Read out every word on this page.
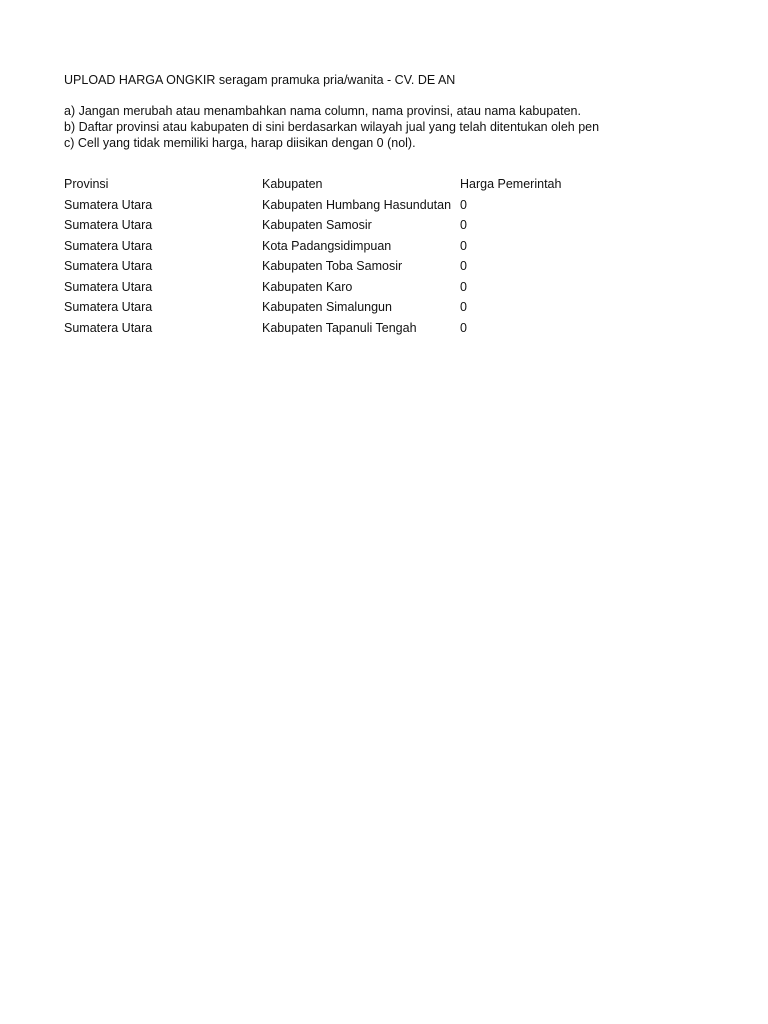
UPLOAD HARGA ONGKIR seragam pramuka pria/wanita - CV. DE AN
a) Jangan merubah atau menambahkan nama column, nama provinsi, atau nama kabupaten.
b) Daftar provinsi atau kabupaten di sini berdasarkan wilayah jual yang telah ditentukan oleh pen
c) Cell yang tidak memiliki harga, harap diisikan dengan 0 (nol).
Provinsi	Kabupaten	Harga Pemerintah
Sumatera Utara	Kabupaten Humbang Hasundutan 0
Sumatera Utara	Kabupaten Samosir	0
Sumatera Utara	Kota Padangsidimpuan	0
Sumatera Utara	Kabupaten Toba Samosir	0
Sumatera Utara	Kabupaten Karo	0
Sumatera Utara	Kabupaten Simalungun	0
Sumatera Utara	Kabupaten Tapanuli Tengah	0
